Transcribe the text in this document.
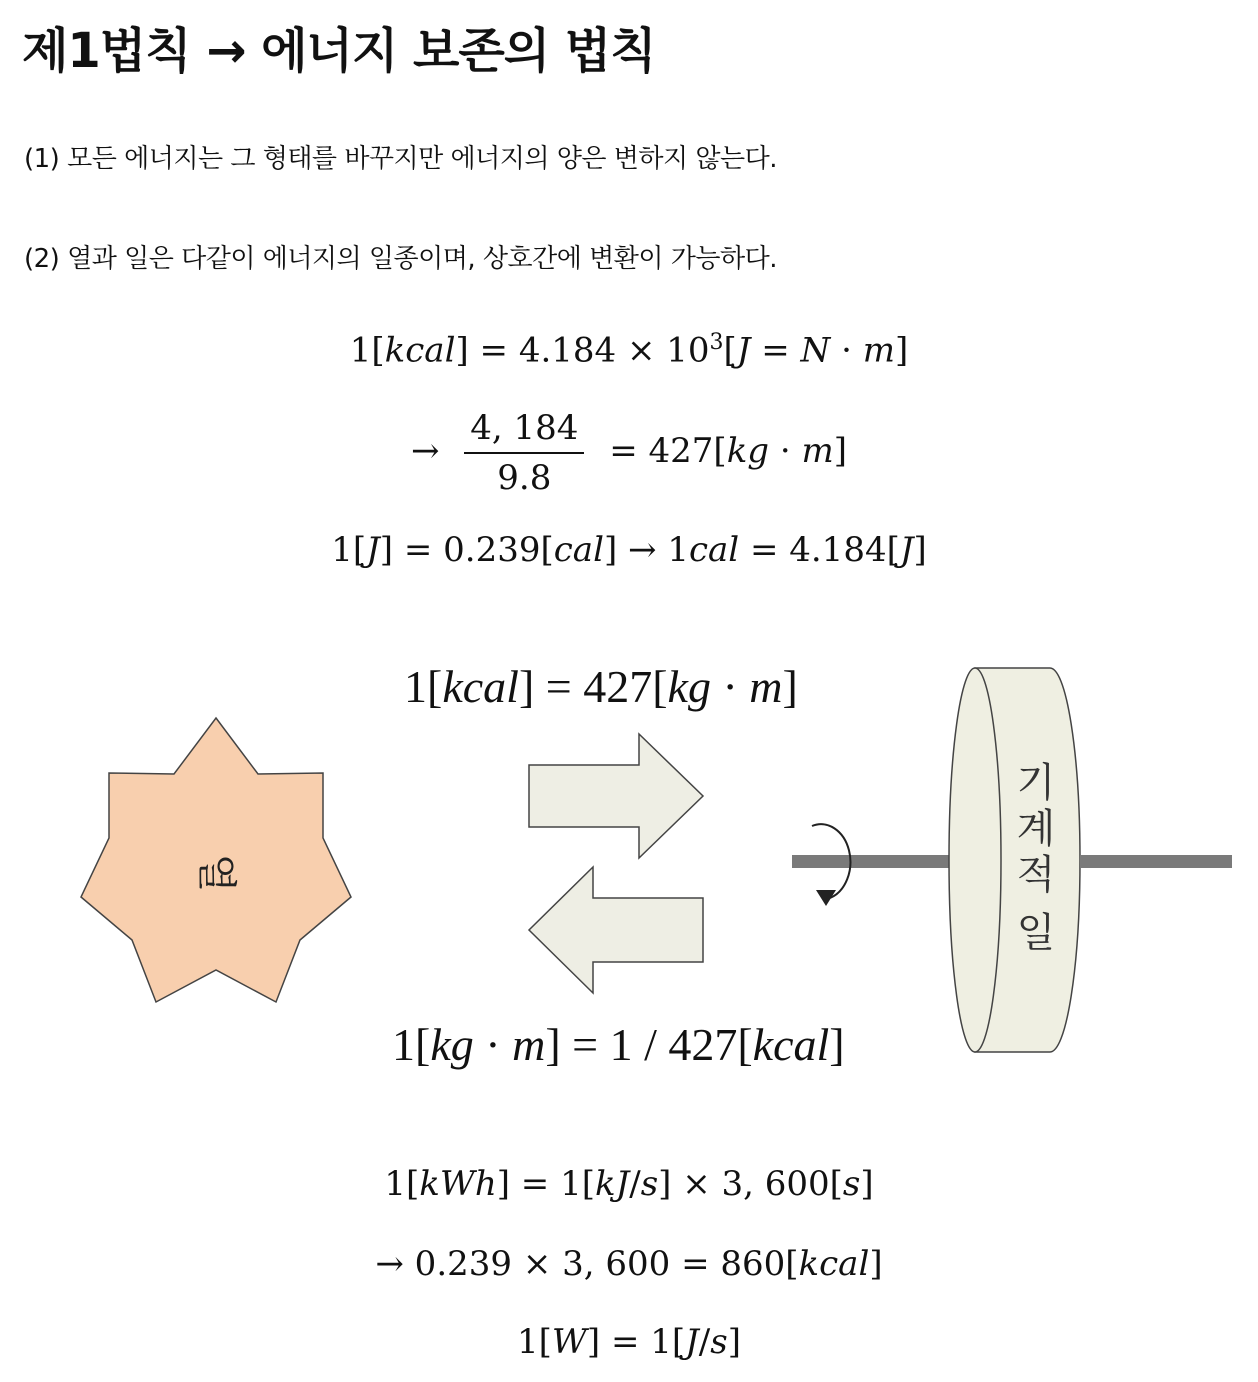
제1법칙 → 에너지 보존의 법칙
(1) 모든 에너지는 그 형태를 바꾸지만 에너지의 양은 변하지 않는다.
(2) 열과 일은 다같이 에너지의 일종이며, 상호간에 변환이 가능하다.
1[kcal] = $4.184 \times 10^3[J = N \cdot m]$
→ $\frac{4, 184}{9.8} = 427[kg \cdot m]$
1[J] = 0.239[cal] → 1cal = 4.184[J]
열
기
계
적
일
1[kcal] = 427[kg · m]
1[kg · m] = 1 / 427[kcal]
1[kWh] = 1[kJ/s] × 3, 600[s]
→ 0.239 × 3, 600 = 860[kcal]
1[W] = 1[J/s]
